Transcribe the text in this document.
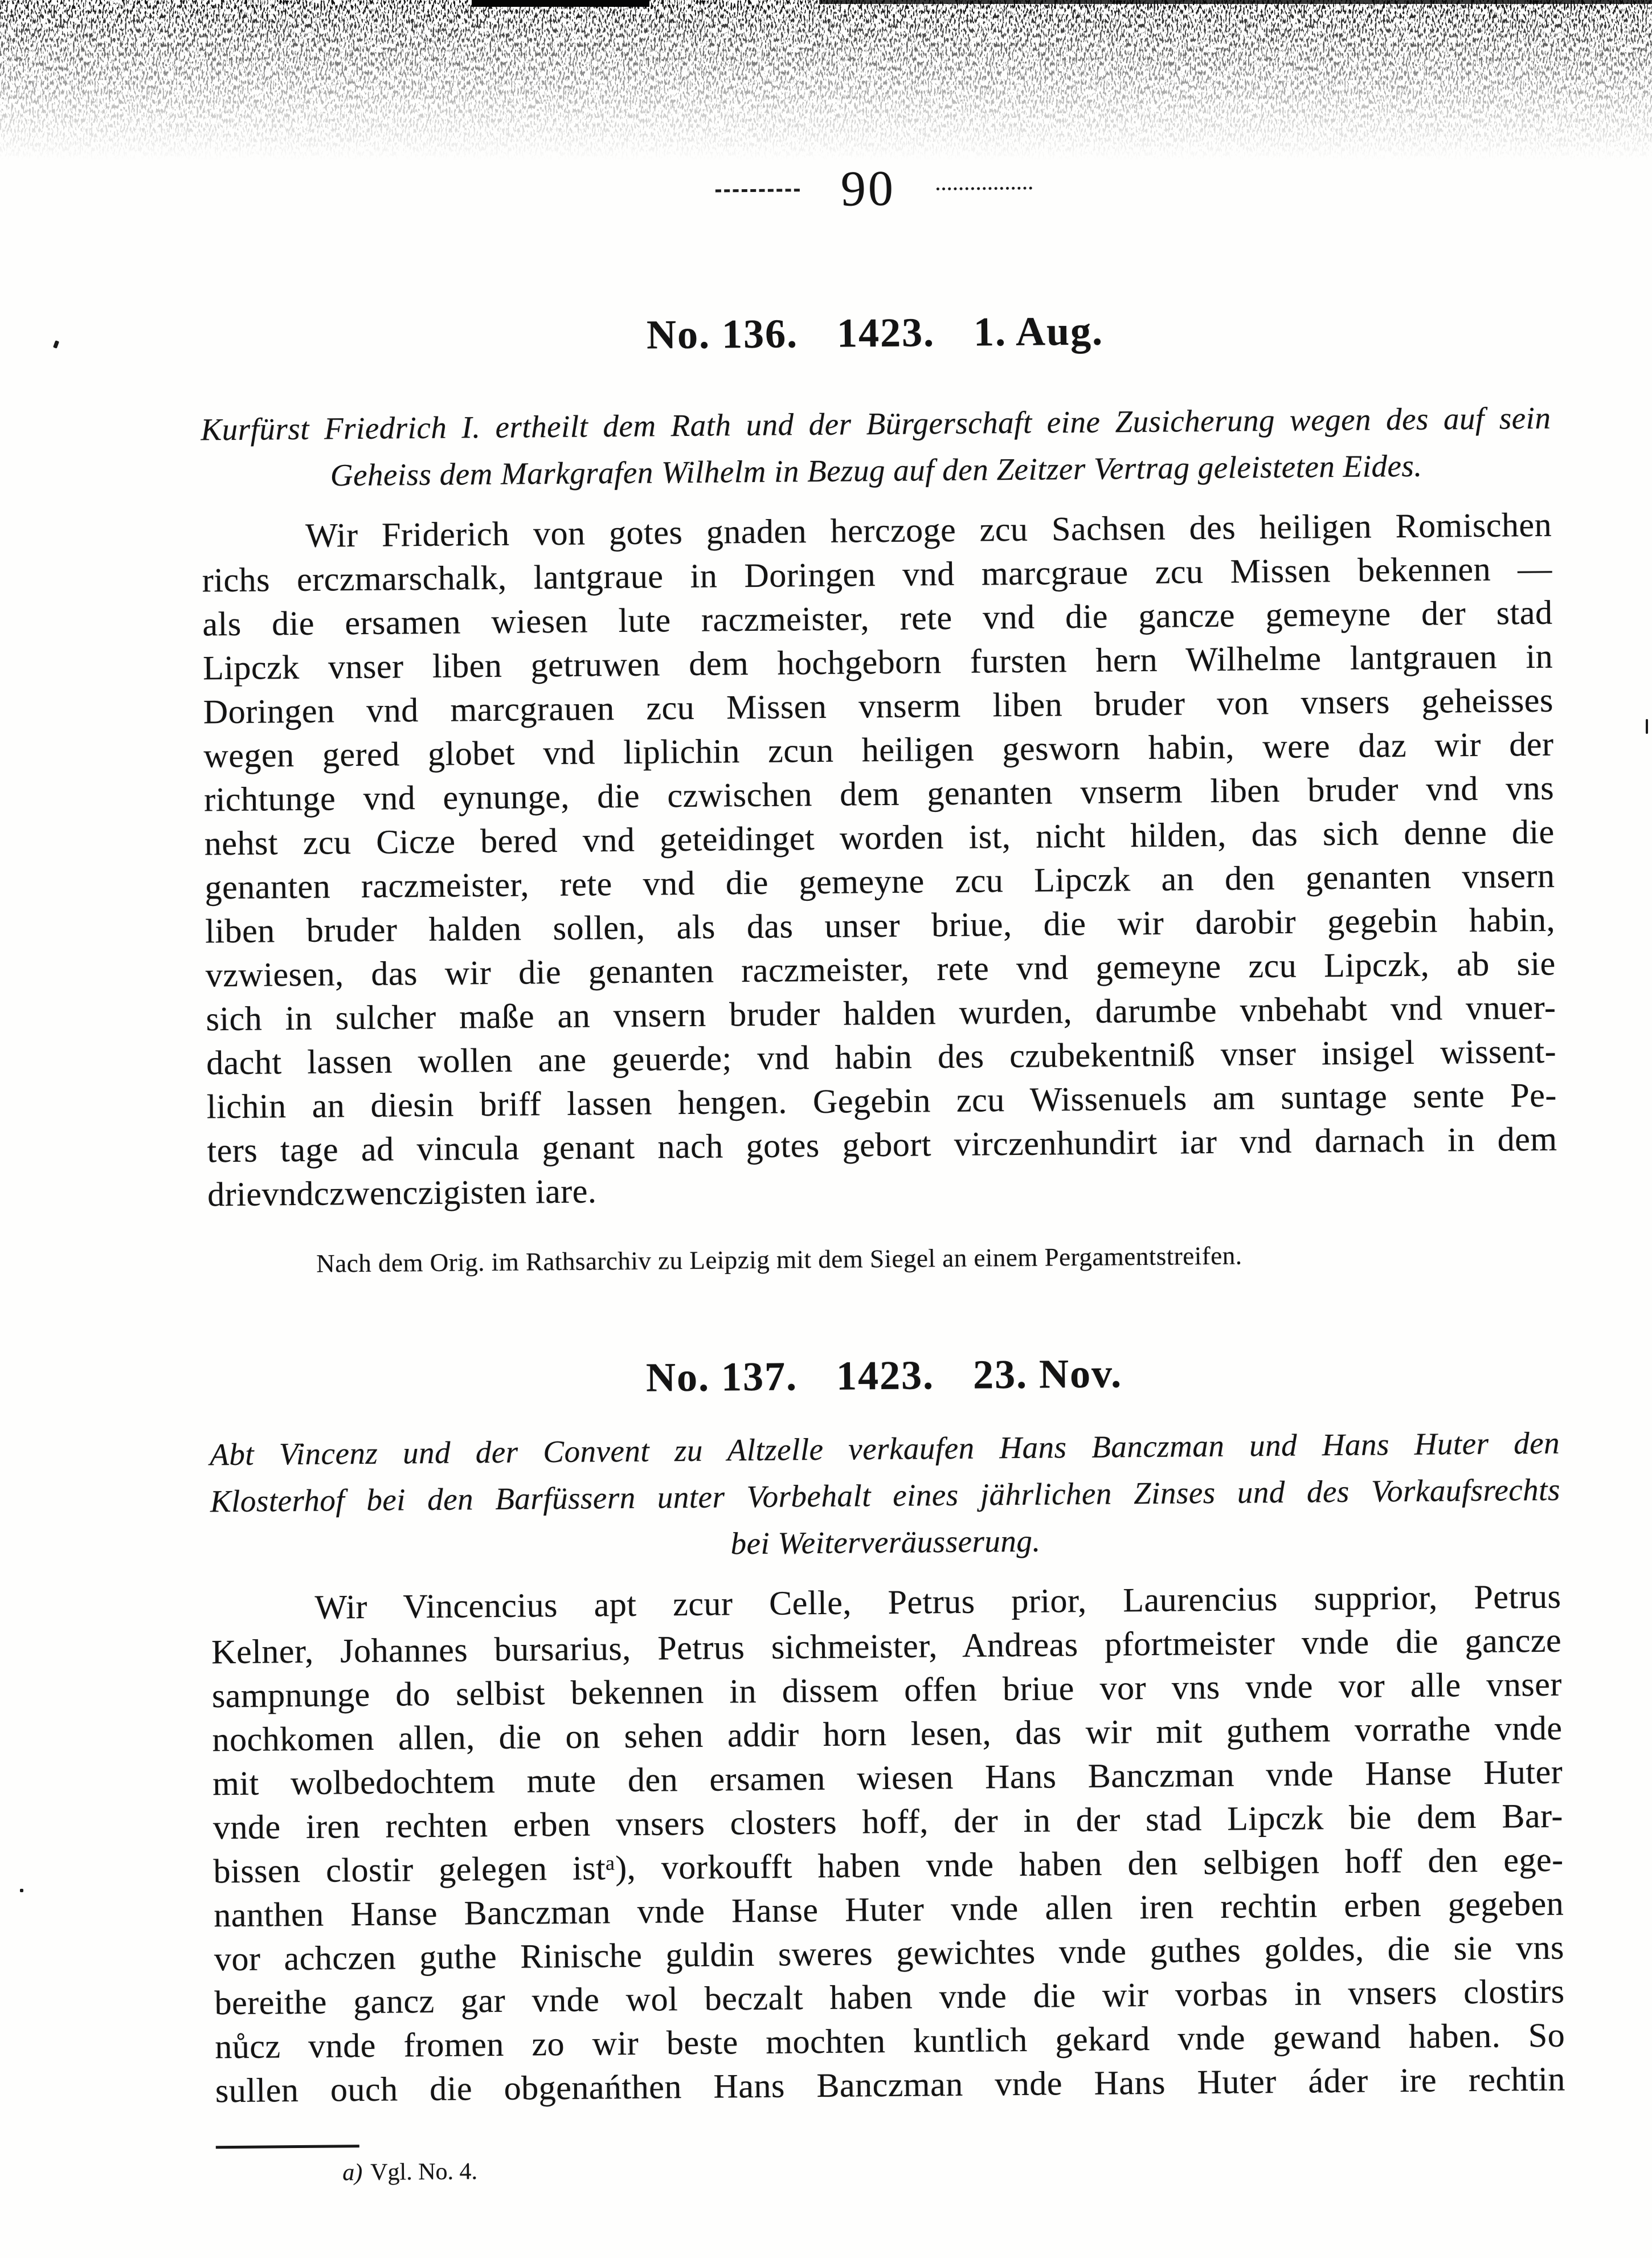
90
No. 136. 1423. 1. Aug.
Kurfürst Friedrich I. ertheilt dem Rath und der Bürgerschaft eine Zusicherung wegen des auf sein
Geheiss dem Markgrafen Wilhelm in Bezug auf den Zeitzer Vertrag geleisteten Eides.
Wir Friderich von gotes gnaden herczoge zcu Sachsen des heiligen Romischen
richs erczmarschalk, lantgraue in Doringen vnd marcgraue zcu Missen bekennen —
als die ersamen wiesen lute raczmeister, rete vnd die gancze gemeyne der stad
Lipczk vnser liben getruwen dem hochgeborn fursten hern Wilhelme lantgrauen in
Doringen vnd marcgrauen zcu Missen vnserm liben bruder von vnsers geheisses
wegen gered globet vnd liplichin zcun heiligen gesworn habin, were daz wir der
richtunge vnd eynunge, die czwischen dem genanten vnserm liben bruder vnd vns
nehst zcu Cicze bered vnd geteidinget worden ist, nicht hilden, das sich denne die
genanten raczmeister, rete vnd die gemeyne zcu Lipczk an den genanten vnsern
liben bruder halden sollen, als das unser briue, die wir darobir gegebin habin,
vzwiesen, das wir die genanten raczmeister, rete vnd gemeyne zcu Lipczk, ab sie
sich in sulcher maße an vnsern bruder halden wurden, darumbe vnbehabt vnd vnuer-
dacht lassen wollen ane geuerde; vnd habin des czubekentniß vnser insigel wissent-
lichin an diesin briff lassen hengen. Gegebin zcu Wissenuels am suntage sente Pe-
ters tage ad vincula genant nach gotes gebort virczenhundirt iar vnd darnach in dem
drievndczwenczigisten iare.
Nach dem Orig. im Rathsarchiv zu Leipzig mit dem Siegel an einem Pergamentstreifen.
No. 137. 1423. 23. Nov.
Abt Vincenz und der Convent zu Altzelle verkaufen Hans Banczman und Hans Huter den
Klosterhof bei den Barfüssern unter Vorbehalt eines jährlichen Zinses und des Vorkaufsrechts
bei Weiterveräusserung.
Wir Vincencius apt zcur Celle, Petrus prior, Laurencius supprior, Petrus
Kelner, Johannes bursarius, Petrus sichmeister, Andreas pfortmeister vnde die gancze
sampnunge do selbist bekennen in dissem offen briue vor vns vnde vor alle vnser
nochkomen allen, die on sehen addir horn lesen, das wir mit guthem vorrathe vnde
mit wolbedochtem mute den ersamen wiesen Hans Banczman vnde Hanse Huter
vnde iren rechten erben vnsers closters hoff, der in der stad Lipczk bie dem Bar-
bissen clostir gelegen istᵃ), vorkoufft haben vnde haben den selbigen hoff den ege-
nanthen Hanse Banczman vnde Hanse Huter vnde allen iren rechtin erben gegeben
vor achczen guthe Rinische guldin sweres gewichtes vnde guthes goldes, die sie vns
bereithe gancz gar vnde wol beczalt haben vnde die wir vorbas in vnsers clostirs
nůcz vnde fromen zo wir beste mochten kuntlich gekard vnde gewand haben. So
sullen ouch die obgenańthen Hans Banczman vnde Hans Huter áder ire rechtin
a) Vgl. No. 4.
